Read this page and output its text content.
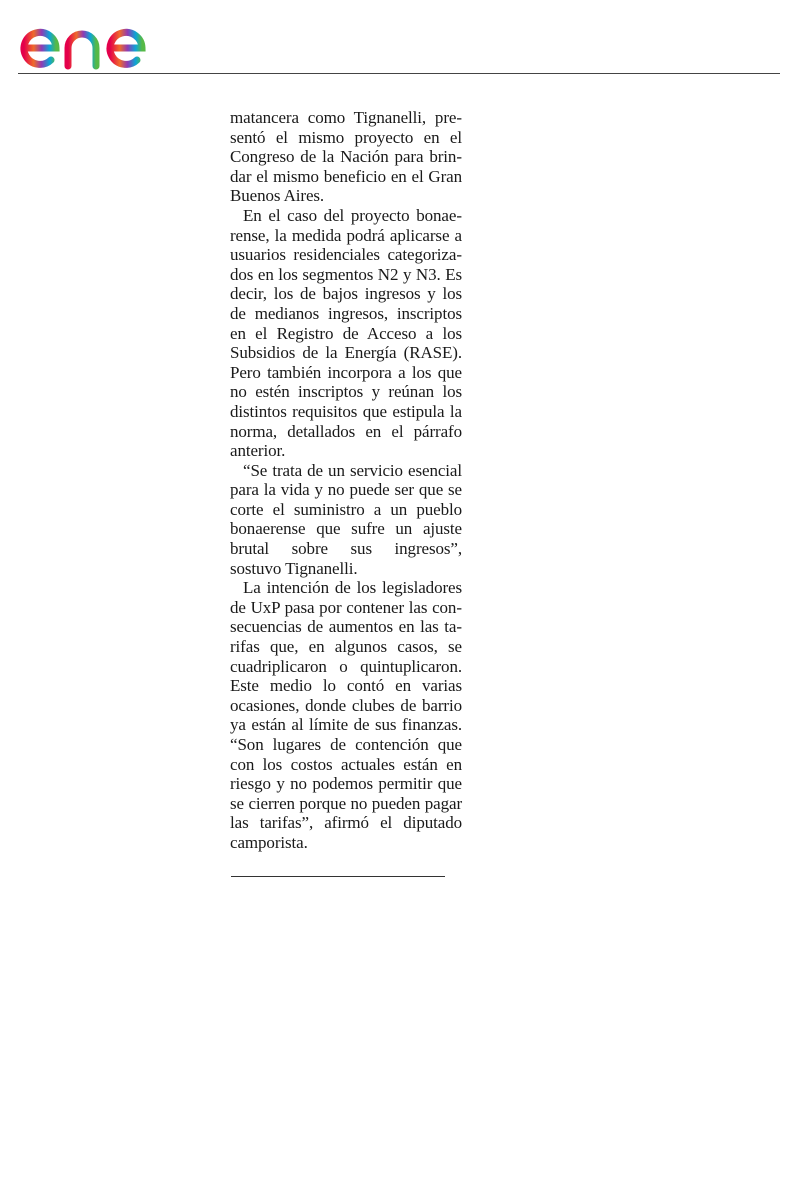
matancera como Tignanelli, presentó el mismo proyecto en el Congreso de la Nación para brindar el mismo beneficio en el Gran Buenos Aires.

En el caso del proyecto bonaerense, la medida podrá aplicarse a usuarios residenciales categorizados en los segmentos N2 y N3. Es decir, los de bajos ingresos y los de medianos ingresos, inscriptos en el Registro de Acceso a los Subsidios de la Energía (RASE). Pero también incorpora a los que no estén inscriptos y reúnan los distintos requisitos que estipula la norma, detallados en el párrafo anterior.

“Se trata de un servicio esencial para la vida y no puede ser que se corte el suministro a un pueblo bonaerense que sufre un ajuste brutal sobre sus ingresos”, sostuvo Tignanelli.

La intención de los legisladores de UxP pasa por contener las consecuencias de aumentos en las tarifas que, en algunos casos, se cuadriplicaron o quintuplicaron. Este medio lo contó en varias ocasiones, donde clubes de barrio ya están al límite de sus finanzas. “Son lugares de contención que con los costos actuales están en riesgo y no podemos permitir que se cierren porque no pueden pagar las tarifas”, afirmó el diputado camporista.
